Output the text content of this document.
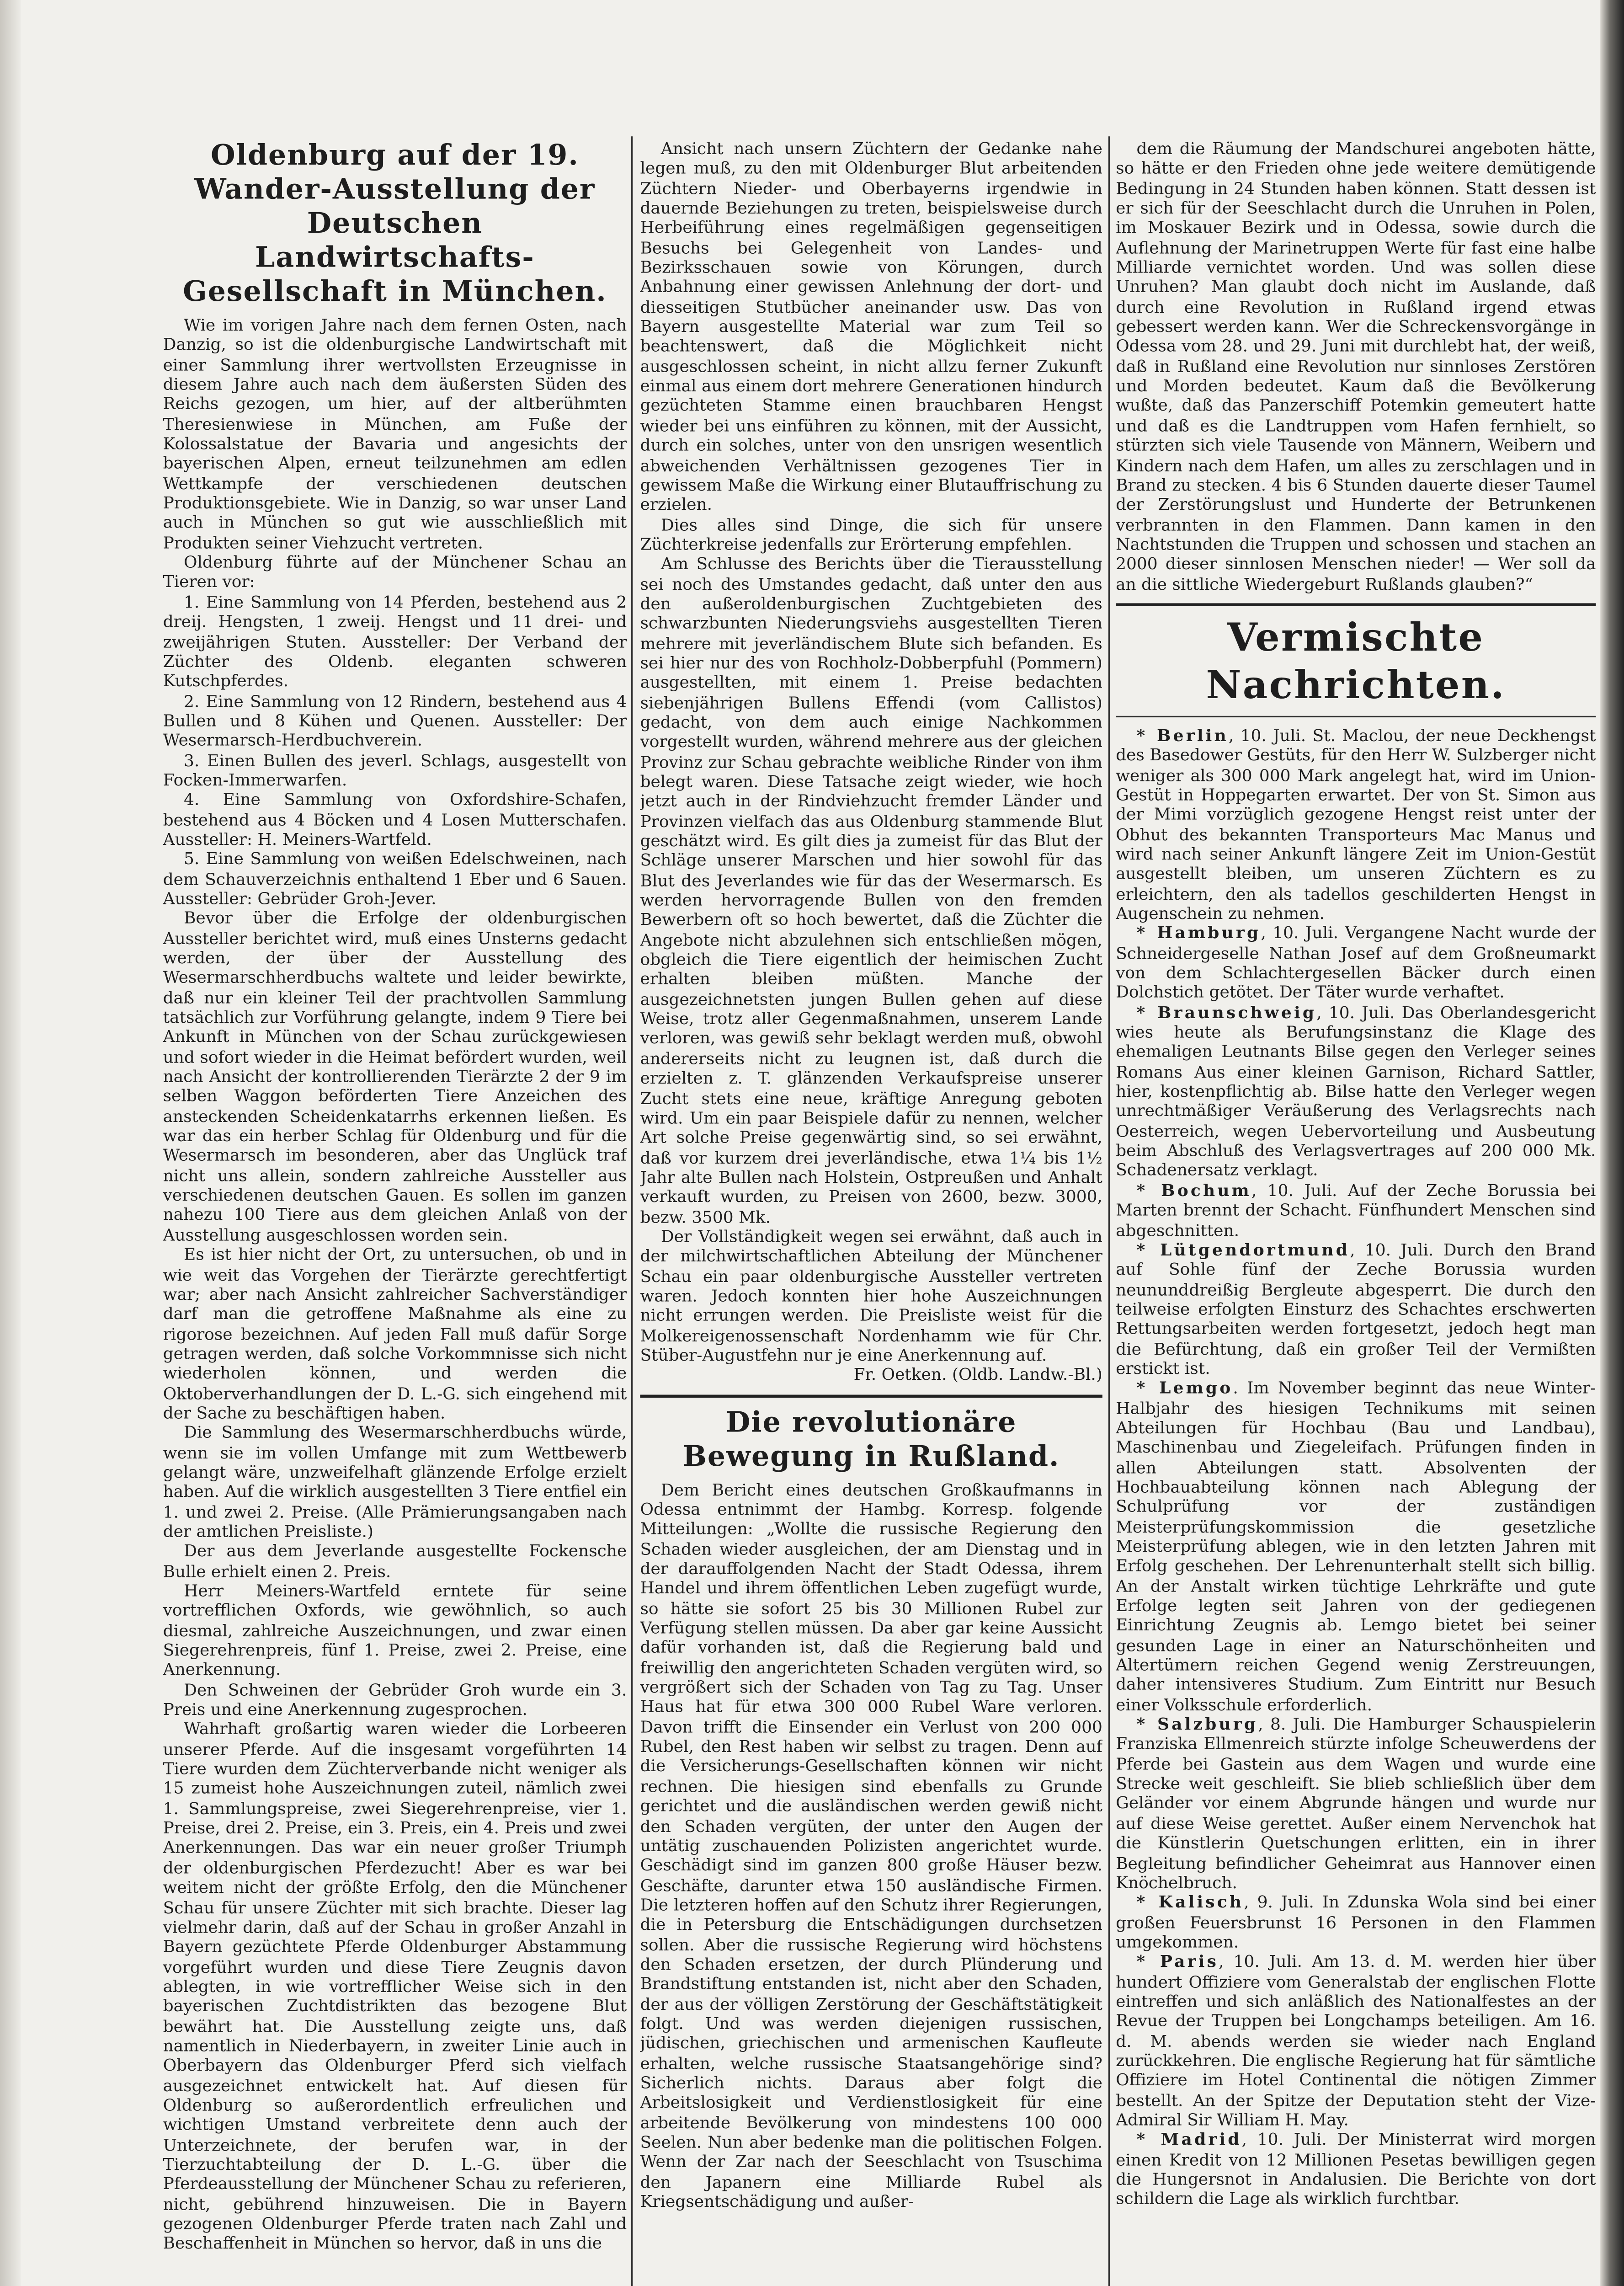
Oldenburg auf der 19. Wander-Ausstellung der Deutschen Landwirtschafts-Gesellschaft in München.

Wie im vorigen Jahre nach dem fernen Osten, nach Danzig, so ist die oldenburgische Landwirtschaft mit einer Sammlung ihrer wertvollsten Erzeugnisse in diesem Jahre auch nach dem äußersten Süden des Reichs gezogen, um hier, auf der altberühmten Theresienwiese in München, am Fuße der Kolossalstatue der Bavaria und angesichts der bayerischen Alpen, erneut teilzunehmen am edlen Wettkampfe der verschiedenen deutschen Produktionsgebiete. Wie in Danzig, so war unser Land auch in München so gut wie ausschließlich mit Produkten seiner Viehzucht vertreten.

Oldenburg führte auf der Münchener Schau an Tieren vor:

1. Eine Sammlung von 14 Pferden, bestehend aus 2 dreij. Hengsten, 1 zweij. Hengst und 11 drei- und zweijährigen Stuten. Aussteller: Der Verband der Züchter des Oldenb. eleganten schweren Kutschpferdes.

2. Eine Sammlung von 12 Rindern, bestehend aus 4 Bullen und 8 Kühen und Quenen. Aussteller: Der Wesermarsch-Herdbuchverein.

3. Einen Bullen des jeverl. Schlags, ausgestellt von Focken-Immerwarfen.

4. Eine Sammlung von Oxfordshire-Schafen, bestehend aus 4 Böcken und 4 Losen Mutterschafen. Aussteller: H. Meiners-Wartfeld.

5. Eine Sammlung von weißen Edelschweinen, nach dem Schauverzeichnis enthaltend 1 Eber und 6 Sauen. Aussteller: Gebrüder Groh-Jever.

Bevor über die Erfolge der oldenburgischen Aussteller berichtet wird, muß eines Unsterns gedacht werden, der über der Ausstellung des Wesermarschherdbuchs waltete und leider bewirkte, daß nur ein kleiner Teil der prachtvollen Sammlung tatsächlich zur Vorführung gelangte, indem 9 Tiere bei Ankunft in München von der Schau zurückgewiesen und sofort wieder in die Heimat befördert wurden, weil nach Ansicht der kontrollierenden Tierärzte 2 der 9 im selben Waggon beförderten Tiere Anzeichen des ansteckenden Scheidenkatarrhs erkennen ließen. Es war das ein herber Schlag für Oldenburg und für die Wesermarsch im besonderen, aber das Unglück traf nicht uns allein, sondern zahlreiche Aussteller aus verschiedenen deutschen Gauen. Es sollen im ganzen nahezu 100 Tiere aus dem gleichen Anlaß von der Ausstellung ausgeschlossen worden sein.

Es ist hier nicht der Ort, zu untersuchen, ob und in wie weit das Vorgehen der Tierärzte gerechtfertigt war; aber nach Ansicht zahlreicher Sachverständiger darf man die getroffene Maßnahme als eine zu rigorose bezeichnen. Auf jeden Fall muß dafür Sorge getragen werden, daß solche Vorkommnisse sich nicht wiederholen können, und werden die Oktoberverhandlungen der D. L.-G. sich eingehend mit der Sache zu beschäftigen haben.

Die Sammlung des Wesermarschherdbuchs würde, wenn sie im vollen Umfange mit zum Wettbewerb gelangt wäre, unzweifelhaft glänzende Erfolge erzielt haben. Auf die wirklich ausgestellten 3 Tiere entfiel ein 1. und zwei 2. Preise. (Alle Prämierungsangaben nach der amtlichen Preisliste.)

Der aus dem Jeverlande ausgestellte Fockensche Bulle erhielt einen 2. Preis.

Herr Meiners-Wartfeld erntete für seine vortrefflichen Oxfords, wie gewöhnlich, so auch diesmal, zahlreiche Auszeichnungen, und zwar einen Siegerehrenpreis, fünf 1. Preise, zwei 2. Preise, eine Anerkennung.

Den Schweinen der Gebrüder Groh wurde ein 3. Preis und eine Anerkennung zugesprochen.

Wahrhaft großartig waren wieder die Lorbeeren unserer Pferde. Auf die insgesamt vorgeführten 14 Tiere wurden dem Züchterverbande nicht weniger als 15 zumeist hohe Auszeichnungen zuteil, nämlich zwei 1. Sammlungspreise, zwei Siegerehrenpreise, vier 1. Preise, drei 2. Preise, ein 3. Preis, ein 4. Preis und zwei Anerkennungen. Das war ein neuer großer Triumph der oldenburgischen Pferdezucht! Aber es war bei weitem nicht der größte Erfolg, den die Münchener Schau für unsere Züchter mit sich brachte. Dieser lag vielmehr darin, daß auf der Schau in großer Anzahl in Bayern gezüchtete Pferde Oldenburger Abstammung vorgeführt wurden und diese Tiere Zeugnis davon ablegten, in wie vortrefflicher Weise sich in den bayerischen Zuchtdistrikten das bezogene Blut bewährt hat. Die Ausstellung zeigte uns, daß namentlich in Niederbayern, in zweiter Linie auch in Oberbayern das Oldenburger Pferd sich vielfach ausgezeichnet entwickelt hat. Auf diesen für Oldenburg so außerordentlich erfreulichen und wichtigen Umstand verbreitete denn auch der Unterzeichnete, der berufen war, in der Tierzuchtabteilung der D. L.-G. über die Pferdeausstellung der Münchener Schau zu referieren, nicht, gebührend hinzuweisen. Die in Bayern gezogenen Oldenburger Pferde traten nach Zahl und Beschaffenheit in München so hervor, daß in uns die

Ansicht nach unsern Züchtern der Gedanke nahe legen muß, zu den mit Oldenburger Blut arbeitenden Züchtern Nieder- und Oberbayerns irgendwie in dauernde Beziehungen zu treten, beispielsweise durch Herbeiführung eines regelmäßigen gegenseitigen Besuchs bei Gelegenheit von Landes- und Bezirksschauen sowie von Körungen, durch Anbahnung einer gewissen Anlehnung der dort- und diesseitigen Stutbücher aneinander usw. Das von Bayern ausgestellte Material war zum Teil so beachtenswert, daß die Möglichkeit nicht ausgeschlossen scheint, in nicht allzu ferner Zukunft einmal aus einem dort mehrere Generationen hindurch gezüchteten Stamme einen brauchbaren Hengst wieder bei uns einführen zu können, mit der Aussicht, durch ein solches, unter von den unsrigen wesentlich abweichenden Verhältnissen gezogenes Tier in gewissem Maße die Wirkung einer Blutauffrischung zu erzielen.

Dies alles sind Dinge, die sich für unsere Züchterkreise jedenfalls zur Erörterung empfehlen.

Am Schlusse des Berichts über die Tierausstellung sei noch des Umstandes gedacht, daß unter den aus den außeroldenburgischen Zuchtgebieten des schwarzbunten Niederungsviehs ausgestellten Tieren mehrere mit jeverländischem Blute sich befanden. Es sei hier nur des von Rochholz-Dobberpfuhl (Pommern) ausgestellten, mit einem 1. Preise bedachten siebenjährigen Bullens Effendi (vom Callistos) gedacht, von dem auch einige Nachkommen vorgestellt wurden, während mehrere aus der gleichen Provinz zur Schau gebrachte weibliche Rinder von ihm belegt waren. Diese Tatsache zeigt wieder, wie hoch jetzt auch in der Rindviehzucht fremder Länder und Provinzen vielfach das aus Oldenburg stammende Blut geschätzt wird. Es gilt dies ja zumeist für das Blut der Schläge unserer Marschen und hier sowohl für das Blut des Jeverlandes wie für das der Wesermarsch. Es werden hervorragende Bullen von den fremden Bewerbern oft so hoch bewertet, daß die Züchter die Angebote nicht abzulehnen sich entschließen mögen, obgleich die Tiere eigentlich der heimischen Zucht erhalten bleiben müßten. Manche der ausgezeichnetsten jungen Bullen gehen auf diese Weise, trotz aller Gegenmaßnahmen, unserem Lande verloren, was gewiß sehr beklagt werden muß, obwohl andererseits nicht zu leugnen ist, daß durch die erzielten z. T. glänzenden Verkaufspreise unserer Zucht stets eine neue, kräftige Anregung geboten wird. Um ein paar Beispiele dafür zu nennen, welcher Art solche Preise gegenwärtig sind, so sei erwähnt, daß vor kurzem drei jeverländische, etwa 1¼ bis 1½ Jahr alte Bullen nach Holstein, Ostpreußen und Anhalt verkauft wurden, zu Preisen von 2600, bezw. 3000, bezw. 3500 Mk.

Der Vollständigkeit wegen sei erwähnt, daß auch in der milchwirtschaftlichen Abteilung der Münchener Schau ein paar oldenburgische Aussteller vertreten waren. Jedoch konnten hier hohe Auszeichnungen nicht errungen werden. Die Preisliste weist für die Molkereigenossenschaft Nordenhamm wie für Chr. Stüber-Augustfehn nur je eine Anerkennung auf.

Fr. Oetken. (Oldb. Landw.-Bl.)

Die revolutionäre Bewegung in Rußland.

Dem Bericht eines deutschen Großkaufmanns in Odessa entnimmt der Hambg. Korresp. folgende Mitteilungen: „Wollte die russische Regierung den Schaden wieder ausgleichen, der am Dienstag und in der darauffolgenden Nacht der Stadt Odessa, ihrem Handel und ihrem öffentlichen Leben zugefügt wurde, so hätte sie sofort 25 bis 30 Millionen Rubel zur Verfügung stellen müssen. Da aber gar keine Aussicht dafür vorhanden ist, daß die Regierung bald und freiwillig den angerichteten Schaden vergüten wird, so vergrößert sich der Schaden von Tag zu Tag. Unser Haus hat für etwa 300 000 Rubel Ware verloren. Davon trifft die Einsender ein Verlust von 200 000 Rubel, den Rest haben wir selbst zu tragen. Denn auf die Versicherungs-Gesellschaften können wir nicht rechnen. Die hiesigen sind ebenfalls zu Grunde gerichtet und die ausländischen werden gewiß nicht den Schaden vergüten, der unter den Augen der untätig zuschauenden Polizisten angerichtet wurde. Geschädigt sind im ganzen 800 große Häuser bezw. Geschäfte, darunter etwa 150 ausländische Firmen. Die letzteren hoffen auf den Schutz ihrer Regierungen, die in Petersburg die Entschädigungen durchsetzen sollen. Aber die russische Regierung wird höchstens den Schaden ersetzen, der durch Plünderung und Brandstiftung entstanden ist, nicht aber den Schaden, der aus der völligen Zerstörung der Geschäftstätigkeit folgt. Und was werden diejenigen russischen, jüdischen, griechischen und armenischen Kaufleute erhalten, welche russische Staatsangehörige sind? Sicherlich nichts. Daraus aber folgt die Arbeitslosigkeit und Verdienstlosigkeit für eine arbeitende Bevölkerung von mindestens 100 000 Seelen. Nun aber bedenke man die politischen Folgen. Wenn der Zar nach der Seeschlacht von Tsuschima den Japanern eine Milliarde Rubel als Kriegsentschädigung und außer-

dem die Räumung der Mandschurei angeboten hätte, so hätte er den Frieden ohne jede weitere demütigende Bedingung in 24 Stunden haben können. Statt dessen ist er sich für der Seeschlacht durch die Unruhen in Polen, im Moskauer Bezirk und in Odessa, sowie durch die Auflehnung der Marinetruppen Werte für fast eine halbe Milliarde vernichtet worden. Und was sollen diese Unruhen? Man glaubt doch nicht im Auslande, daß durch eine Revolution in Rußland irgend etwas gebessert werden kann. Wer die Schreckensvorgänge in Odessa vom 28. und 29. Juni mit durchlebt hat, der weiß, daß in Rußland eine Revolution nur sinnloses Zerstören und Morden bedeutet. Kaum daß die Bevölkerung wußte, daß das Panzerschiff Potemkin gemeutert hatte und daß es die Landtruppen vom Hafen fernhielt, so stürzten sich viele Tausende von Männern, Weibern und Kindern nach dem Hafen, um alles zu zerschlagen und in Brand zu stecken. 4 bis 6 Stunden dauerte dieser Taumel der Zerstörungslust und Hunderte der Betrunkenen verbrannten in den Flammen. Dann kamen in den Nachtstunden die Truppen und schossen und stachen an 2000 dieser sinnlosen Menschen nieder! — Wer soll da an die sittliche Wiedergeburt Rußlands glauben?“

Vermischte Nachrichten.

* Berlin, 10. Juli. St. Maclou, der neue Deckhengst des Basedower Gestüts, für den Herr W. Sulzberger nicht weniger als 300 000 Mark angelegt hat, wird im Union-Gestüt in Hoppegarten erwartet. Der von St. Simon aus der Mimi vorzüglich gezogene Hengst reist unter der Obhut des bekannten Transporteurs Mac Manus und wird nach seiner Ankunft längere Zeit im Union-Gestüt ausgestellt bleiben, um unseren Züchtern es zu erleichtern, den als tadellos geschilderten Hengst in Augenschein zu nehmen.

* Hamburg, 10. Juli. Vergangene Nacht wurde der Schneidergeselle Nathan Josef auf dem Großneumarkt von dem Schlachtergesellen Bäcker durch einen Dolchstich getötet. Der Täter wurde verhaftet.

* Braunschweig, 10. Juli. Das Oberlandesgericht wies heute als Berufungsinstanz die Klage des ehemaligen Leutnants Bilse gegen den Verleger seines Romans Aus einer kleinen Garnison, Richard Sattler, hier, kostenpflichtig ab. Bilse hatte den Verleger wegen unrechtmäßiger Veräußerung des Verlagsrechts nach Oesterreich, wegen Uebervorteilung und Ausbeutung beim Abschluß des Verlagsvertrages auf 200 000 Mk. Schadenersatz verklagt.

* Bochum, 10. Juli. Auf der Zeche Borussia bei Marten brennt der Schacht. Fünfhundert Menschen sind abgeschnitten.

* Lütgendortmund, 10. Juli. Durch den Brand auf Sohle fünf der Zeche Borussia wurden neununddreißig Bergleute abgesperrt. Die durch den teilweise erfolgten Einsturz des Schachtes erschwerten Rettungsarbeiten werden fortgesetzt, jedoch hegt man die Befürchtung, daß ein großer Teil der Vermißten erstickt ist.

* Lemgo. Im November beginnt das neue Winter-Halbjahr des hiesigen Technikums mit seinen Abteilungen für Hochbau (Bau und Landbau), Maschinenbau und Ziegeleifach. Prüfungen finden in allen Abteilungen statt. Absolventen der Hochbauabteilung können nach Ablegung der Schulprüfung vor der zuständigen Meisterprüfungskommission die gesetzliche Meisterprüfung ablegen, wie in den letzten Jahren mit Erfolg geschehen. Der Lehrenunterhalt stellt sich billig. An der Anstalt wirken tüchtige Lehrkräfte und gute Erfolge legten seit Jahren von der gediegenen Einrichtung Zeugnis ab. Lemgo bietet bei seiner gesunden Lage in einer an Naturschönheiten und Altertümern reichen Gegend wenig Zerstreuungen, daher intensiveres Studium. Zum Eintritt nur Besuch einer Volksschule erforderlich.

* Salzburg, 8. Juli. Die Hamburger Schauspielerin Franziska Ellmenreich stürzte infolge Scheuwerdens der Pferde bei Gastein aus dem Wagen und wurde eine Strecke weit geschleift. Sie blieb schließlich über dem Geländer vor einem Abgrunde hängen und wurde nur auf diese Weise gerettet. Außer einem Nervenchok hat die Künstlerin Quetschungen erlitten, ein in ihrer Begleitung befindlicher Geheimrat aus Hannover einen Knöchelbruch.

* Kalisch, 9. Juli. In Zdunska Wola sind bei einer großen Feuersbrunst 16 Personen in den Flammen umgekommen.

* Paris, 10. Juli. Am 13. d. M. werden hier über hundert Offiziere vom Generalstab der englischen Flotte eintreffen und sich anläßlich des Nationalfestes an der Revue der Truppen bei Longchamps beteiligen. Am 16. d. M. abends werden sie wieder nach England zurückkehren. Die englische Regierung hat für sämtliche Offiziere im Hotel Continental die nötigen Zimmer bestellt. An der Spitze der Deputation steht der Vize-Admiral Sir William H. May.

* Madrid, 10. Juli. Der Ministerrat wird morgen einen Kredit von 12 Millionen Pesetas bewilligen gegen die Hungersnot in Andalusien. Die Berichte von dort schildern die Lage als wirklich furchtbar.
